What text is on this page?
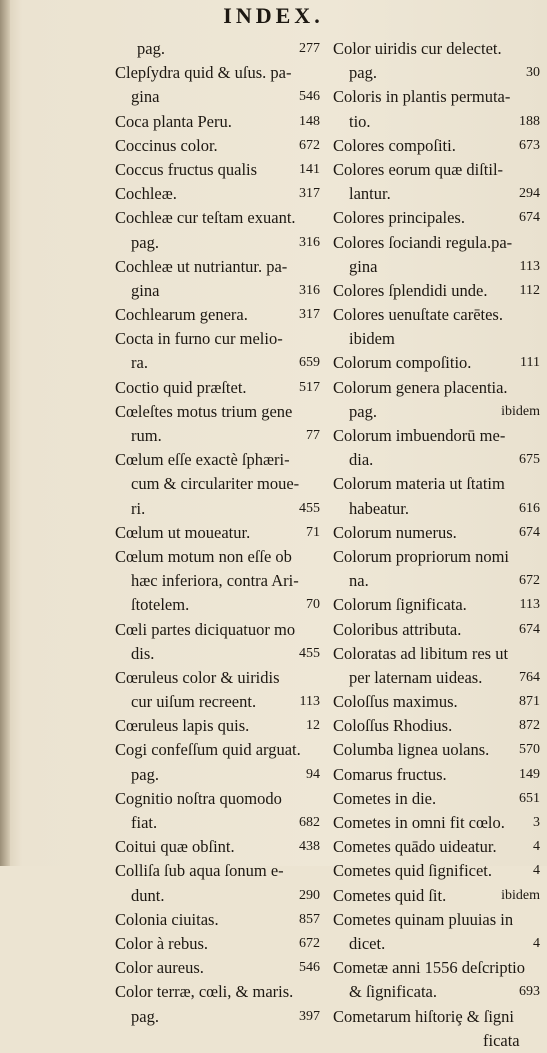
INDEX.
pag.	277
Clepſydra quid & uſus. pa-
gina	546
Coca planta Peru.	148
Coccinus color.	672
Coccus fructus qualis	141
Cochleæ.	317
Cochleæ cur teſtam exuant.
pag.	316
Cochleæ ut nutriantur. pa-
gina	316
Cochlearum genera.	317
Cocta in furno cur melio-
ra.	659
Coctio quid præſtet.	517
Cœleſtes motus trium gene
rum.	77
Cœlum eſſe exactè ſphæri-
cum & circulariter moue-
ri.	455
Cœlum ut moueatur.	71
Cœlum motum non eſſe ob
hæc inferiora, contra Ari-
ſtotelem.	70
Cœli partes diciquatuor mo
dis.	455
Cœruleus color & uiridis
cur uiſum recreent.	113
Cœruleus lapis quis.	12
Cogi confeſſum quid arguat.
pag.	94
Cognitio noſtra quomodo
fiat.	682
Coitui quæ obſint.	438
Colliſa ſub aqua ſonum e-
dunt.	290
Colonia ciuitas.	857
Color à rebus.	672
Color aureus.	546
Color terræ, cœli, & maris.
pag.	397
Color uiridis cur delectet.
pag.	30
Coloris in plantis permuta-
tio.	188
Colores compoſiti.	673
Colores eorum quæ diſtil-
lantur.	294
Colores principales.	674
Colores ſociandi regula.pa-
gina	113
Colores ſplendidi unde. 112
Colores uenuſtate carētes.
ibidem
Colorum compoſitio.	111
Colorum genera placentia.
pag.	ibidem
Colorum imbuendorū me-
dia.	675
Colorum materia ut ſtatim
habeatur.	616
Colorum numerus.	674
Colorum propriorum nomi
na.	672
Colorum ſignificata.	113
Coloribus attributa.	674
Coloratas ad libitum res ut
per laternam uideas.	764
Coloſſus maximus.	871
Coloſſus Rhodius.	872
Columba lignea uolans. 570
Comarus fructus.	149
Cometes in die.	651
Cometes in omni fit cœlo. 3
Cometes quādo uideatur.	4
Cometes quid ſignificet.	4
Cometes quid ſit.	ibidem
Cometes quinam pluuias in
dicet.	4
Cometæ anni 1556 deſcriptio
& ſignificata.	693
Cometarum hiſtoriȩ & ſigni
ficata
